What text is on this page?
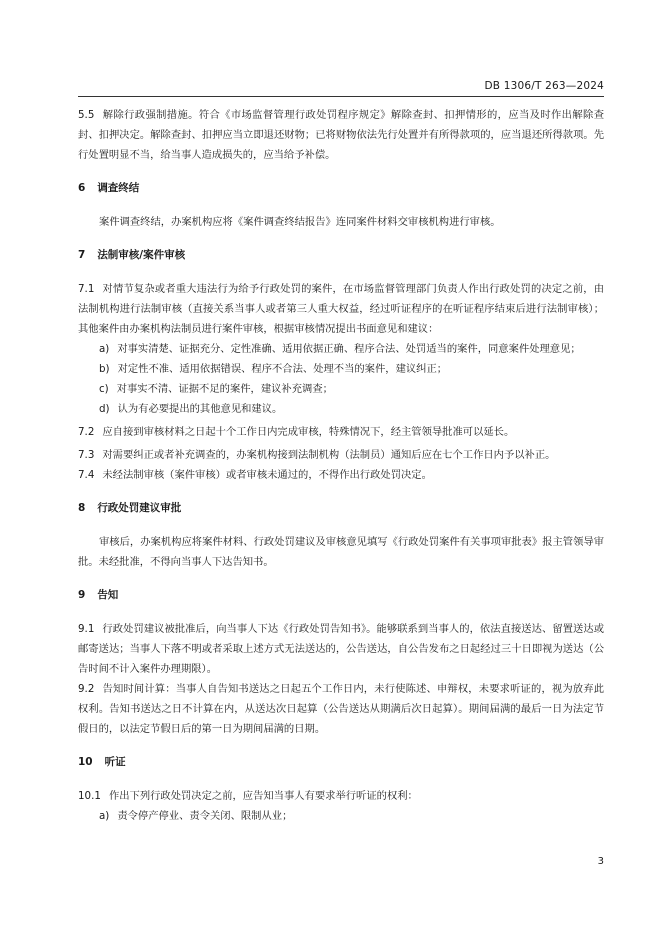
DB 1306/T 263—2024

5.5 解除行政强制措施。符合《市场监督管理行政处罚程序规定》解除查封、扣押情形的，应当及时作出解除查封、扣押决定。解除查封、扣押应当立即退还财物；已将财物依法先行处置并有所得款项的，应当退还所得款项。先行处置明显不当，给当事人造成损失的，应当给予补偿。

6 调查终结

案件调查终结，办案机构应将《案件调查终结报告》连同案件材料交审核机构进行审核。

7 法制审核/案件审核

7.1 对情节复杂或者重大违法行为给予行政处罚的案件，在市场监督管理部门负责人作出行政处罚的决定之前，由法制机构进行法制审核（直接关系当事人或者第三人重大权益，经过听证程序的在听证程序结束后进行法制审核）；其他案件由办案机构法制员进行案件审核，根据审核情况提出书面意见和建议：

a) 对事实清楚、证据充分、定性准确、适用依据正确、程序合法、处罚适当的案件，同意案件处理意见；

b) 对定性不准、适用依据错误、程序不合法、处理不当的案件，建议纠正；

c) 对事实不清、证据不足的案件，建议补充调查；

d) 认为有必要提出的其他意见和建议。

7.2 应自接到审核材料之日起十个工作日内完成审核，特殊情况下，经主管领导批准可以延长。

7.3 对需要纠正或者补充调查的，办案机构接到法制机构（法制员）通知后应在七个工作日内予以补正。

7.4 未经法制审核（案件审核）或者审核未通过的，不得作出行政处罚决定。

8 行政处罚建议审批

审核后，办案机构应将案件材料、行政处罚建议及审核意见填写《行政处罚案件有关事项审批表》报主管领导审批。未经批准，不得向当事人下达告知书。

9 告知

9.1 行政处罚建议被批准后，向当事人下达《行政处罚告知书》。能够联系到当事人的，依法直接送达、留置送达或邮寄送达；当事人下落不明或者采取上述方式无法送达的，公告送达，自公告发布之日起经过三十日即视为送达（公告时间不计入案件办理期限）。

9.2 告知时间计算：当事人自告知书送达之日起五个工作日内，未行使陈述、申辩权，未要求听证的，视为放弃此权利。告知书送达之日不计算在内，从送达次日起算（公告送达从期满后次日起算）。期间届满的最后一日为法定节假日的，以法定节假日后的第一日为期间届满的日期。

10 听证

10.1 作出下列行政处罚决定之前，应告知当事人有要求举行听证的权利：

a) 责令停产停业、责令关闭、限制从业；

3
